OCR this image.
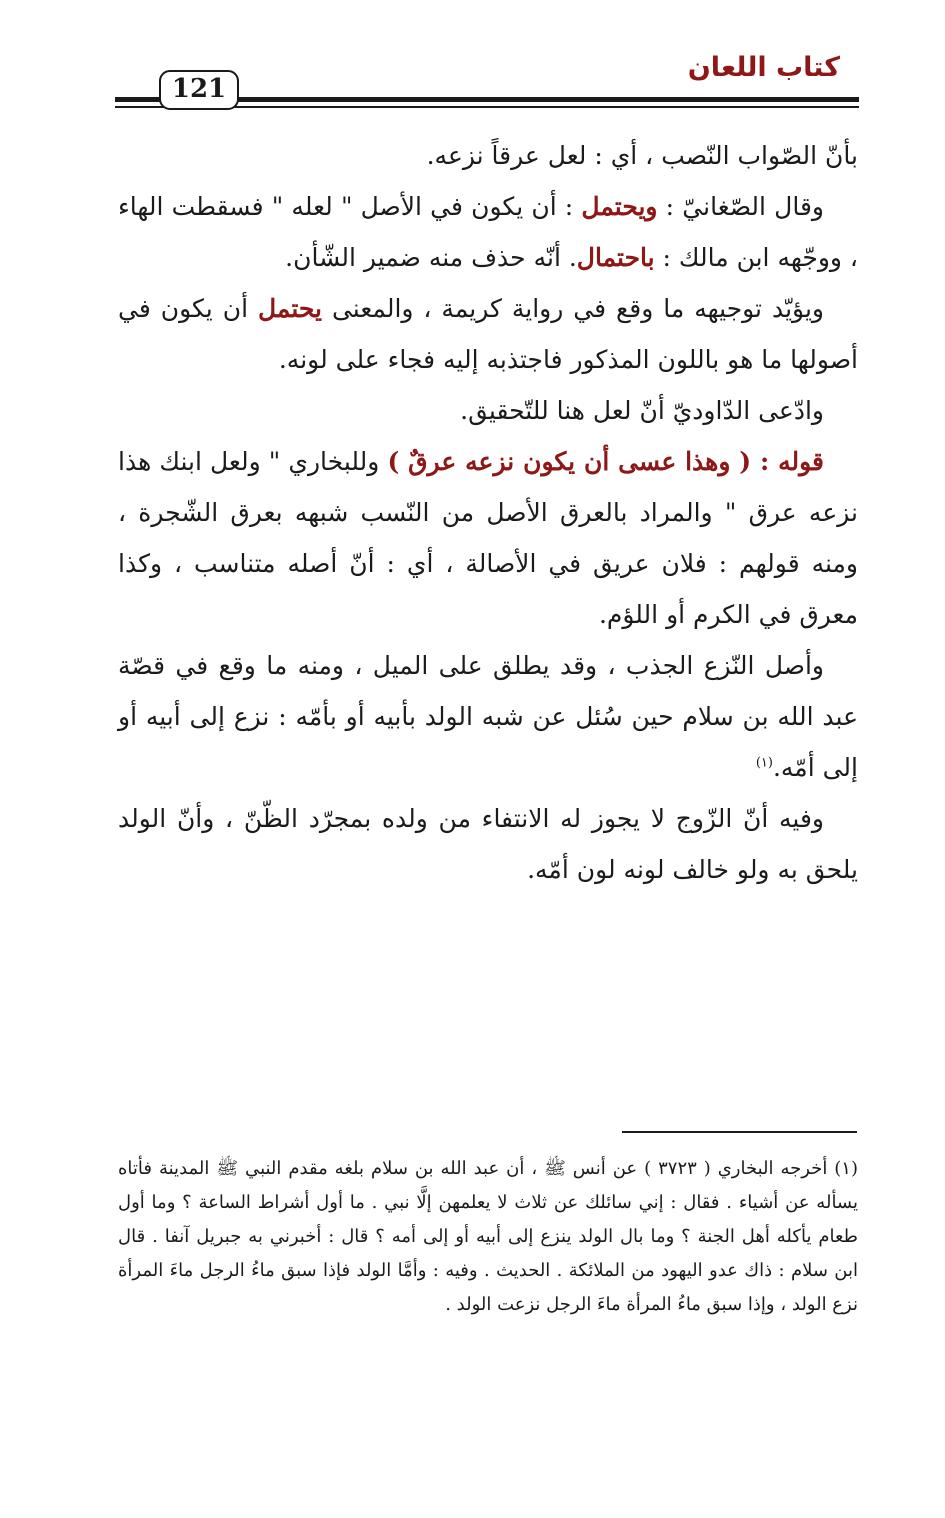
كتاب اللعان
121

بأنّ الصّواب النّصب ، أي : لعل عرقاً نزعه.

وقال الصّغانيّ : ويحتمل : أن يكون في الأصل " لعله " فسقطت الهاء ، ووجّهه ابن مالك : باحتمال. أنّه حذف منه ضمير الشّأن.

ويؤيّد توجيهه ما وقع في رواية كريمة ، والمعنى يحتمل أن يكون في أصولها ما هو باللون المذكور فاجتذبه إليه فجاء على لونه.

وادّعى الدّاوديّ أنّ لعل هنا للتّحقيق.

قوله : ( وهذا عسى أن يكون نزعه عرقٌ ) وللبخاري " ولعل ابنك هذا نزعه عرق " والمراد بالعرق الأصل من النّسب شبهه بعرق الشّجرة ، ومنه قولهم : فلان عريق في الأصالة ، أي : أنّ أصله متناسب ، وكذا معرق في الكرم أو اللؤم.

وأصل النّزع الجذب ، وقد يطلق على الميل ، ومنه ما وقع في قصّة عبد الله بن سلام حين سُئل عن شبه الولد بأبيه أو بأمّه : نزع إلى أبيه أو إلى أمّه.$^{(١)}$

وفيه أنّ الزّوج لا يجوز له الانتفاء من ولده بمجرّد الظّنّ ، وأنّ الولد يلحق به ولو خالف لونه لون أمّه.

(١) أخرجه البخاري ( ٣٧٢٣ ) عن أنس ﷺ ، أن عبد الله بن سلام بلغه مقدم النبي ﷺ المدينة فأتاه يسأله عن أشياء . فقال : إني سائلك عن ثلاث لا يعلمهن إلَّا نبي . ما أول أشراط الساعة ؟ وما أول طعام يأكله أهل الجنة ؟ وما بال الولد ينزع إلى أبيه أو إلى أمه ؟ قال : أخبرني به جبريل آنفا . قال ابن سلام : ذاك عدو اليهود من الملائكة . الحديث . وفيه : وأمَّا الولد فإذا سبق ماءُ الرجل ماءَ المرأة نزع الولد ، وإذا سبق ماءُ المرأة ماءَ الرجل نزعت الولد .
